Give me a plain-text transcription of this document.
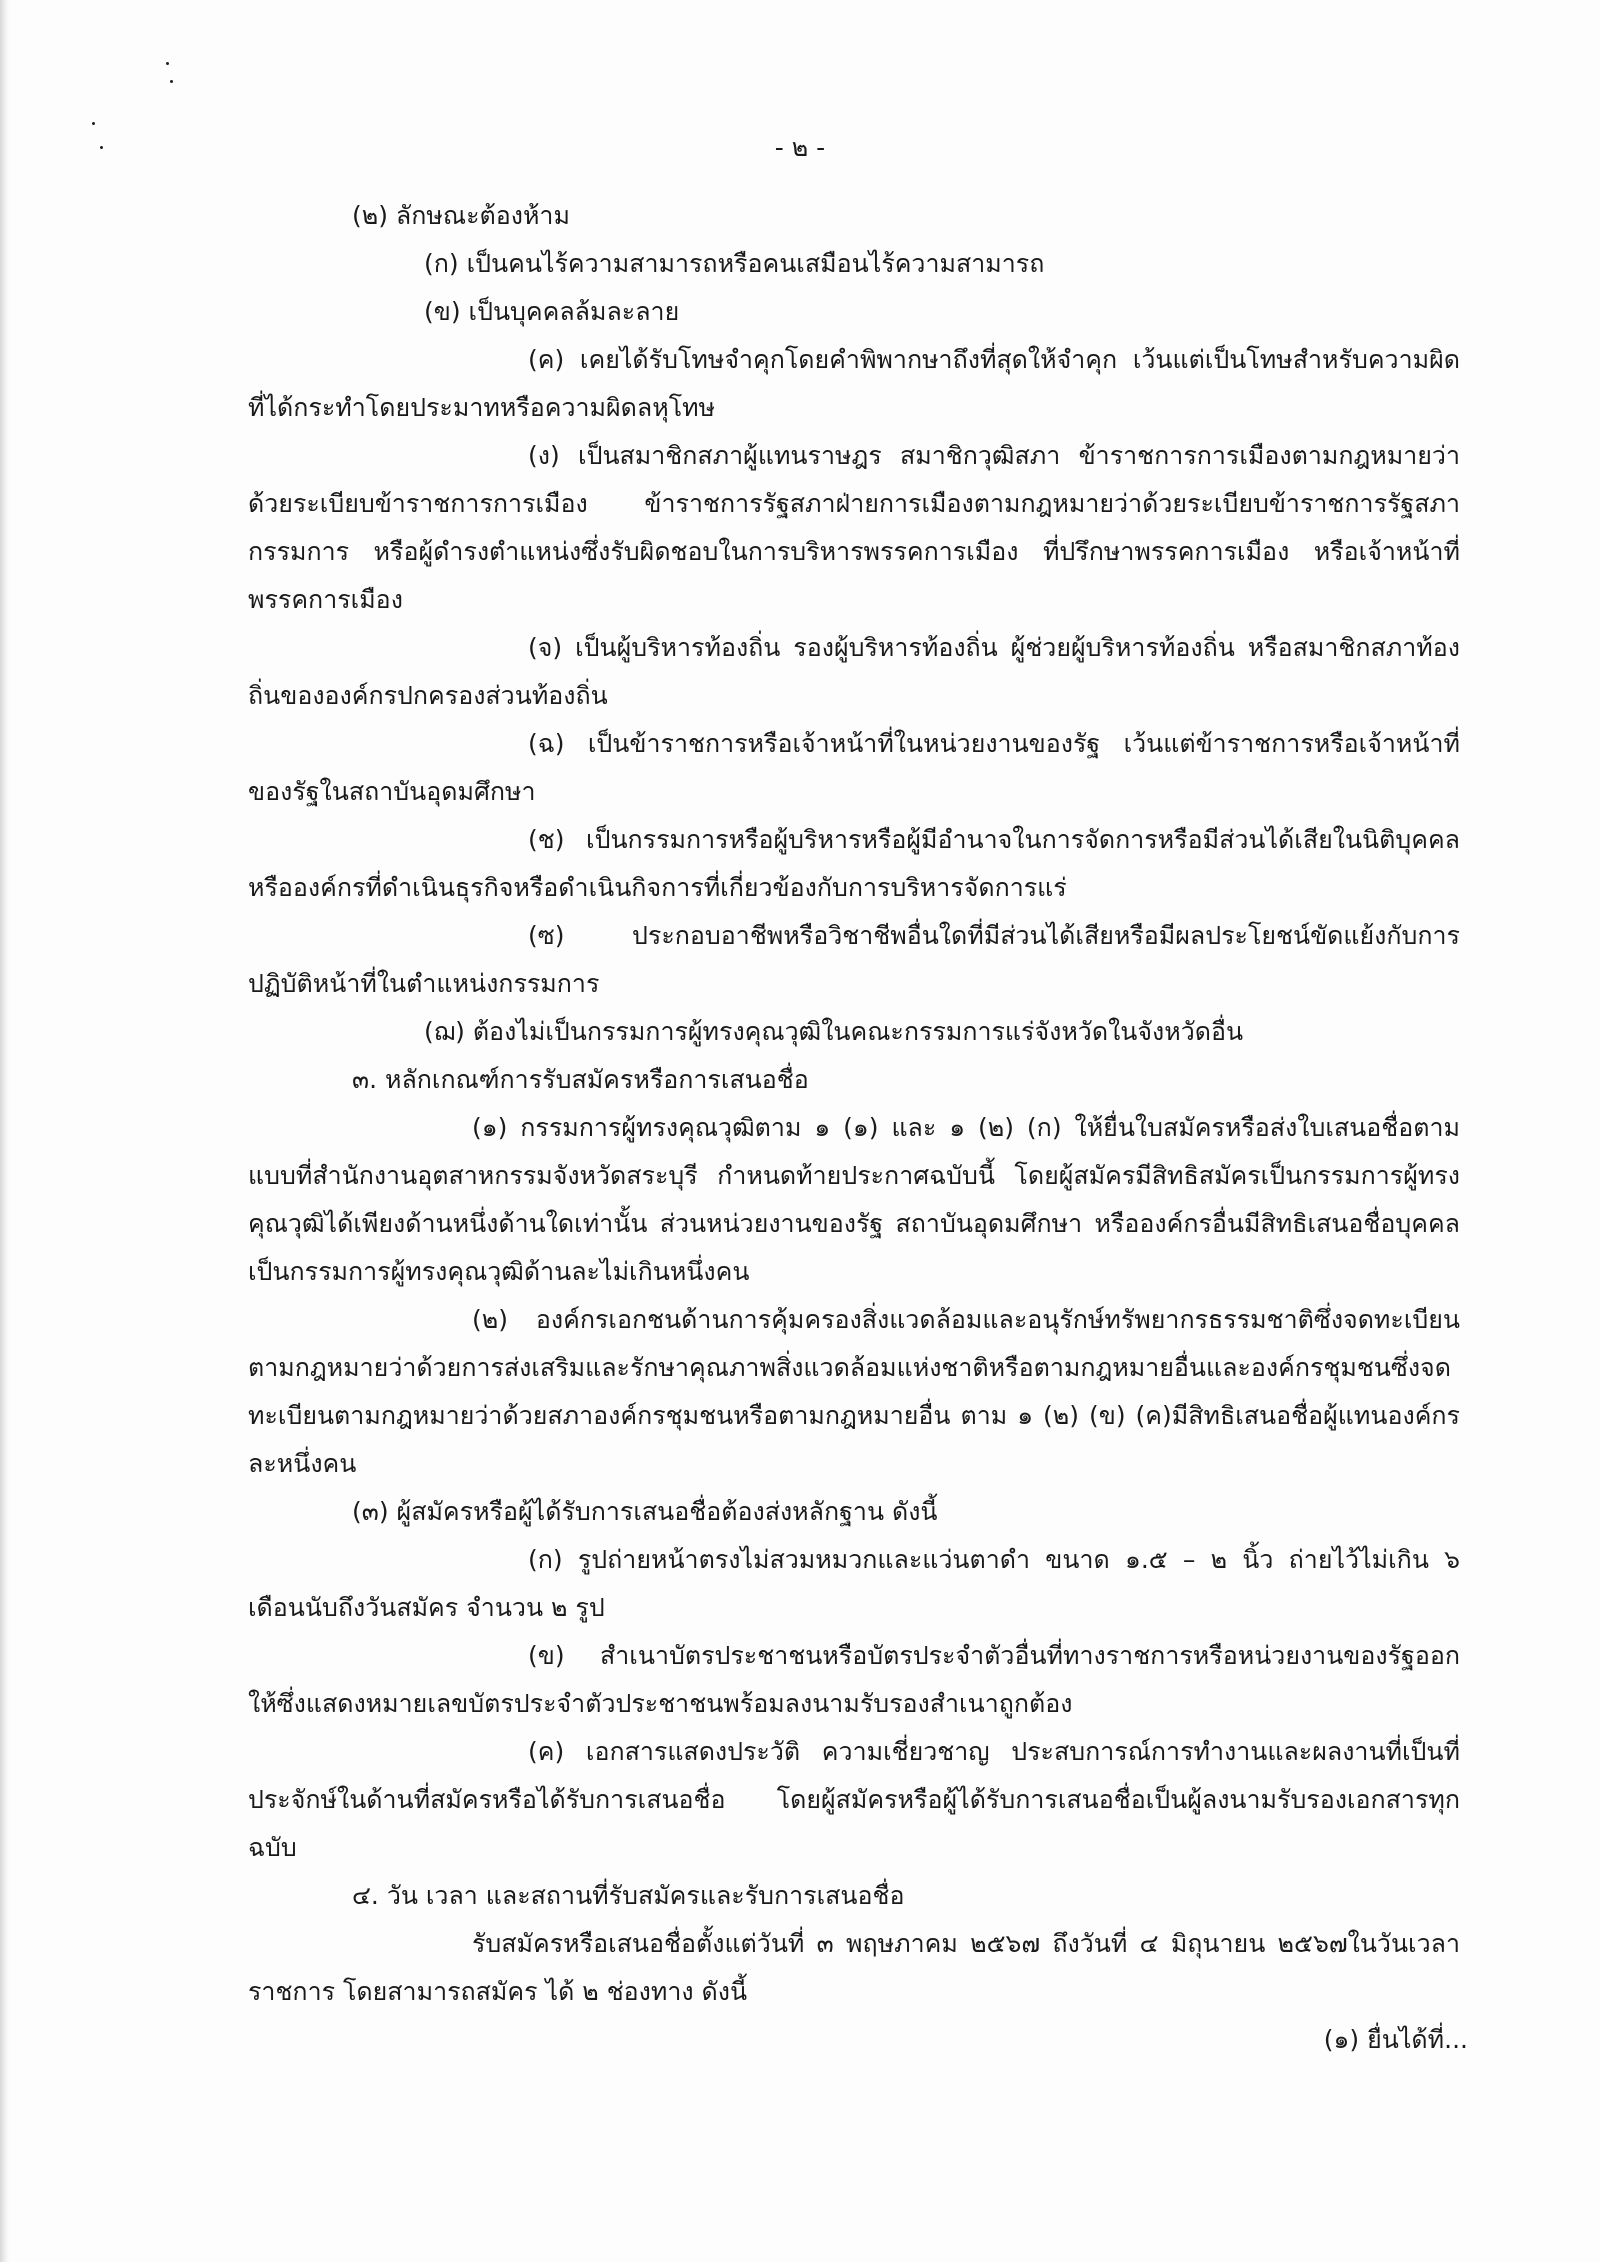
- ๒ -

(๒) ลักษณะต้องห้าม

(ก) เป็นคนไร้ความสามารถหรือคนเสมือนไร้ความสามารถ

(ข) เป็นบุคคลล้มละลาย

(ค) เคยได้รับโทษจำคุกโดยคำพิพากษาถึงที่สุดให้จำคุก เว้นแต่เป็นโทษสำหรับความผิดที่ได้กระทำโดยประมาทหรือความผิดลหุโทษ

(ง) เป็นสมาชิกสภาผู้แทนราษฎร สมาชิกวุฒิสภา ข้าราชการการเมืองตามกฎหมายว่าด้วยระเบียบข้าราชการการเมือง ข้าราชการรัฐสภาฝ่ายการเมืองตามกฎหมายว่าด้วยระเบียบข้าราชการรัฐสภากรรมการ หรือผู้ดำรงตำแหน่งซึ่งรับผิดชอบในการบริหารพรรคการเมือง ที่ปรึกษาพรรคการเมือง หรือเจ้าหน้าที่พรรคการเมือง

(จ) เป็นผู้บริหารท้องถิ่น รองผู้บริหารท้องถิ่น ผู้ช่วยผู้บริหารท้องถิ่น หรือสมาชิกสภาท้องถิ่นขององค์กรปกครองส่วนท้องถิ่น

(ฉ) เป็นข้าราชการหรือเจ้าหน้าที่ในหน่วยงานของรัฐ เว้นแต่ข้าราชการหรือเจ้าหน้าที่ของรัฐในสถาบันอุดมศึกษา

(ช) เป็นกรรมการหรือผู้บริหารหรือผู้มีอำนาจในการจัดการหรือมีส่วนได้เสียในนิติบุคคลหรือองค์กรที่ดำเนินธุรกิจหรือดำเนินกิจการที่เกี่ยวข้องกับการบริหารจัดการแร่

(ซ) ประกอบอาชีพหรือวิชาชีพอื่นใดที่มีส่วนได้เสียหรือมีผลประโยชน์ขัดแย้งกับการปฏิบัติหน้าที่ในตำแหน่งกรรมการ

(ฌ) ต้องไม่เป็นกรรมการผู้ทรงคุณวุฒิในคณะกรรมการแร่จังหวัดในจังหวัดอื่น

๓. หลักเกณฑ์การรับสมัครหรือการเสนอชื่อ

(๑) กรรมการผู้ทรงคุณวุฒิตาม ๑ (๑) และ ๑ (๒) (ก) ให้ยื่นใบสมัครหรือส่งใบเสนอชื่อตามแบบที่สำนักงานอุตสาหกรรมจังหวัดสระบุรี กำหนดท้ายประกาศฉบับนี้ โดยผู้สมัครมีสิทธิสมัครเป็นกรรมการผู้ทรงคุณวุฒิได้เพียงด้านหนึ่งด้านใดเท่านั้น ส่วนหน่วยงานของรัฐ สถาบันอุดมศึกษา หรือองค์กรอื่นมีสิทธิเสนอชื่อบุคคลเป็นกรรมการผู้ทรงคุณวุฒิด้านละไม่เกินหนึ่งคน

(๒) องค์กรเอกชนด้านการคุ้มครองสิ่งแวดล้อมและอนุรักษ์ทรัพยากรธรรมชาติซึ่งจดทะเบียนตามกฎหมายว่าด้วยการส่งเสริมและรักษาคุณภาพสิ่งแวดล้อมแห่งชาติหรือตามกฎหมายอื่นและองค์กรชุมชนซึ่งจดทะเบียนตามกฎหมายว่าด้วยสภาองค์กรชุมชนหรือตามกฎหมายอื่น ตาม ๑ (๒) (ข) (ค)มีสิทธิเสนอชื่อผู้แทนองค์กรละหนึ่งคน

(๓) ผู้สมัครหรือผู้ได้รับการเสนอชื่อต้องส่งหลักฐาน ดังนี้

(ก) รูปถ่ายหน้าตรงไม่สวมหมวกและแว่นตาดำ ขนาด ๑.๕ – ๒ นิ้ว ถ่ายไว้ไม่เกิน ๖ เดือนนับถึงวันสมัคร จำนวน ๒ รูป

(ข) สำเนาบัตรประชาชนหรือบัตรประจำตัวอื่นที่ทางราชการหรือหน่วยงานของรัฐออกให้ซึ่งแสดงหมายเลขบัตรประจำตัวประชาชนพร้อมลงนามรับรองสำเนาถูกต้อง

(ค) เอกสารแสดงประวัติ ความเชี่ยวชาญ ประสบการณ์การทำงานและผลงานที่เป็นที่ประจักษ์ในด้านที่สมัครหรือได้รับการเสนอชื่อ โดยผู้สมัครหรือผู้ได้รับการเสนอชื่อเป็นผู้ลงนามรับรองเอกสารทุกฉบับ

๔. วัน เวลา และสถานที่รับสมัครและรับการเสนอชื่อ

รับสมัครหรือเสนอชื่อตั้งแต่วันที่ ๓ พฤษภาคม ๒๕๖๗ ถึงวันที่ ๔ มิถุนายน ๒๕๖๗ในวันเวลาราชการ โดยสามารถสมัคร ได้ ๒ ช่องทาง ดังนี้

(๑) ยื่นได้ที่...
